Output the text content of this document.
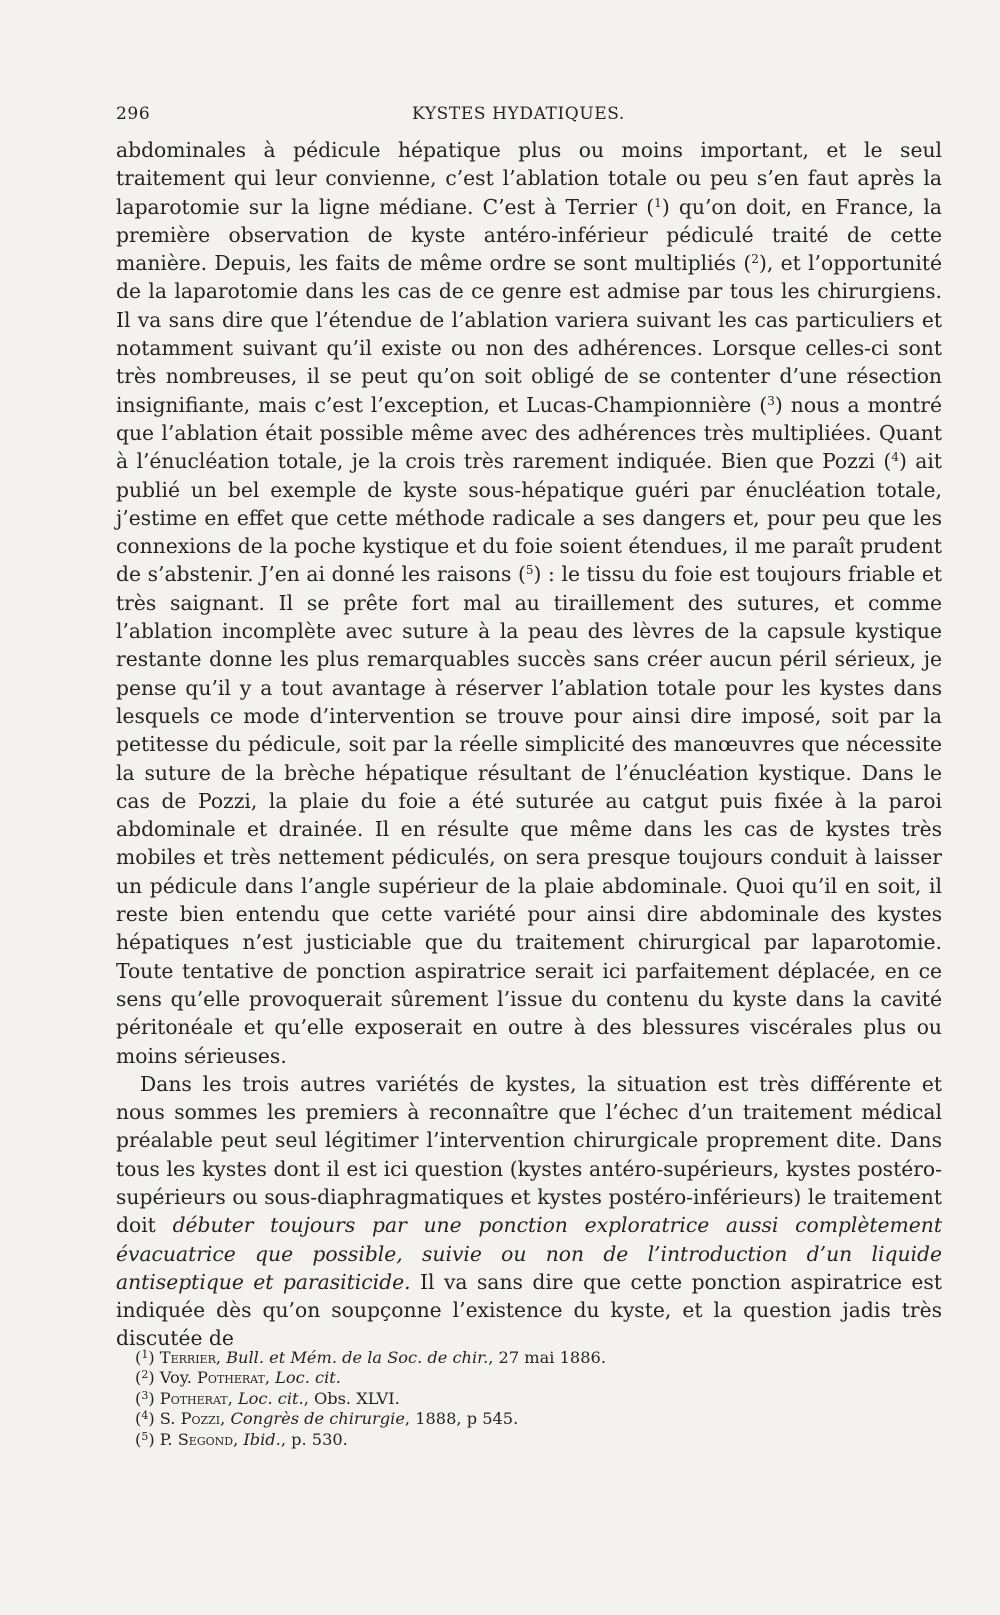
296	KYSTES HYDATIQUES.

abdominales à pédicule hépatique plus ou moins important, et le seul traitement qui leur convienne, c’est l’ablation totale ou peu s’en faut après la laparotomie sur la ligne médiane. C’est à Terrier ($^1$) qu’on doit, en France, la première observation de kyste antéro-inférieur pédiculé traité de cette manière. Depuis, les faits de même ordre se sont multipliés ($^2$), et l’opportunité de la laparotomie dans les cas de ce genre est admise par tous les chirurgiens. Il va sans dire que l’étendue de l’ablation variera suivant les cas particuliers et notamment suivant qu’il existe ou non des adhérences. Lorsque celles-ci sont très nombreuses, il se peut qu’on soit obligé de se contenter d’une résection insignifiante, mais c’est l’exception, et Lucas-Championnière ($^3$) nous a montré que l’ablation était possible même avec des adhérences très multipliées. Quant à l’énucléation totale, je la crois très rarement indiquée. Bien que Pozzi ($^4$) ait publié un bel exemple de kyste sous-hépatique guéri par énucléation totale, j’estime en effet que cette méthode radicale a ses dangers et, pour peu que les connexions de la poche kystique et du foie soient étendues, il me paraît prudent de s’abstenir. J’en ai donné les raisons ($^5$) : le tissu du foie est toujours friable et très saignant. Il se prête fort mal au tiraillement des sutures, et comme l’ablation incomplète avec suture à la peau des lèvres de la capsule kystique restante donne les plus remarquables succès sans créer aucun péril sérieux, je pense qu’il y a tout avantage à réserver l’ablation totale pour les kystes dans lesquels ce mode d’intervention se trouve pour ainsi dire imposé, soit par la petitesse du pédicule, soit par la réelle simplicité des manœuvres que nécessite la suture de la brèche hépatique résultant de l’énucléation kystique. Dans le cas de Pozzi, la plaie du foie a été suturée au catgut puis fixée à la paroi abdominale et drainée. Il en résulte que même dans les cas de kystes très mobiles et très nettement pédiculés, on sera presque toujours conduit à laisser un pédicule dans l’angle supérieur de la plaie abdominale. Quoi qu’il en soit, il reste bien entendu que cette variété pour ainsi dire abdominale des kystes hépatiques n’est justiciable que du traitement chirurgical par laparotomie. Toute tentative de ponction aspiratrice serait ici parfaitement déplacée, en ce sens qu’elle provoquerait sûrement l’issue du contenu du kyste dans la cavité péritonéale et qu’elle exposerait en outre à des blessures viscérales plus ou moins sérieuses.

Dans les trois autres variétés de kystes, la situation est très différente et nous sommes les premiers à reconnaître que l’échec d’un traitement médical préalable peut seul légitimer l’intervention chirurgicale proprement dite. Dans tous les kystes dont il est ici question (kystes antéro-supérieurs, kystes postéro-supérieurs ou sous-diaphragmatiques et kystes postéro-inférieurs) le traitement doit débuter toujours par une ponction exploratrice aussi complètement évacuatrice que possible, suivie ou non de l’introduction d’un liquide antiseptique et parasiticide. Il va sans dire que cette ponction aspiratrice est indiquée dès qu’on soupçonne l’existence du kyste, et la question jadis très discutée de

($^1$) Terrier, Bull. et Mém. de la Soc. de chir., 27 mai 1886.
($^2$) Voy. Potherat, Loc. cit.
($^3$) Potherat, Loc. cit., Obs. XLVI.
($^4$) S. Pozzi, Congrès de chirurgie, 1888, p 545.
($^5$) P. Segond, Ibid., p. 530.
